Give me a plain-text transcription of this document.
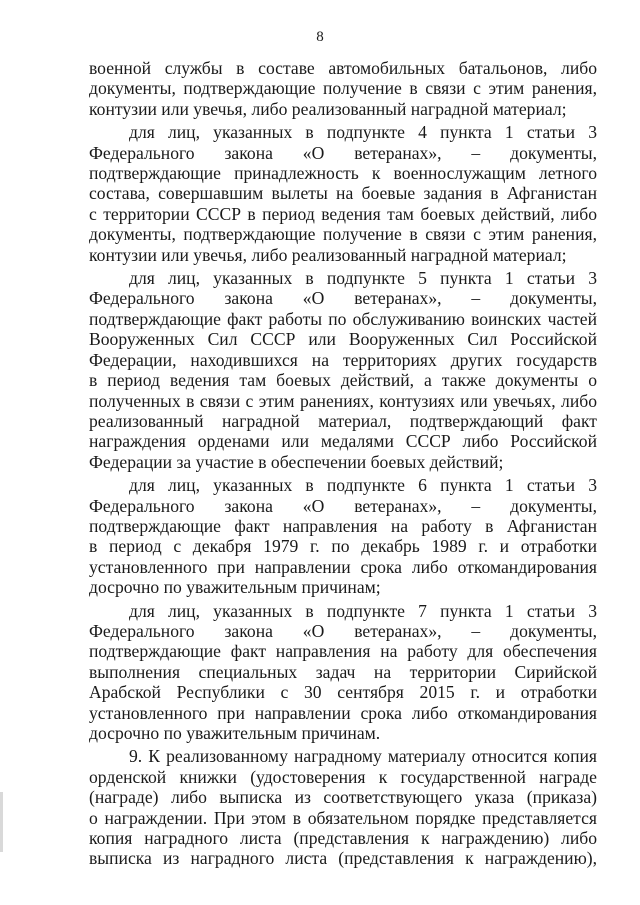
8
военной службы в составе автомобильных батальонов, либо
документы, подтверждающие получение в связи с этим ранения,
контузии или увечья, либо реализованный наградной материал;
для лиц, указанных в подпункте 4 пункта 1 статьи 3
Федерального закона «О ветеранах», – документы,
подтверждающие принадлежность к военнослужащим летного
состава, совершавшим вылеты на боевые задания в Афганистан
с территории СССР в период ведения там боевых действий, либо
документы, подтверждающие получение в связи с этим ранения,
контузии или увечья, либо реализованный наградной материал;
для лиц, указанных в подпункте 5 пункта 1 статьи 3
Федерального закона «О ветеранах», – документы,
подтверждающие факт работы по обслуживанию воинских частей
Вооруженных Сил СССР или Вооруженных Сил Российской
Федерации, находившихся на территориях других государств
в период ведения там боевых действий, а также документы о
полученных в связи с этим ранениях, контузиях или увечьях, либо
реализованный наградной материал, подтверждающий факт
награждения орденами или медалями СССР либо Российской
Федерации за участие в обеспечении боевых действий;
для лиц, указанных в подпункте 6 пункта 1 статьи 3
Федерального закона «О ветеранах», – документы,
подтверждающие факт направления на работу в Афганистан
в период с декабря 1979 г. по декабрь 1989 г. и отработки
установленного при направлении срока либо откомандирования
досрочно по уважительным причинам;
для лиц, указанных в подпункте 7 пункта 1 статьи 3
Федерального закона «О ветеранах», – документы,
подтверждающие факт направления на работу для обеспечения
выполнения специальных задач на территории Сирийской
Арабской Республики с 30 сентября 2015 г. и отработки
установленного при направлении срока либо откомандирования
досрочно по уважительным причинам.
9. К реализованному наградному материалу относится копия
орденской книжки (удостоверения к государственной награде
(награде) либо выписка из соответствующего указа (приказа)
о награждении. При этом в обязательном порядке представляется
копия наградного листа (представления к награждению) либо
выписка из наградного листа (представления к награждению),
